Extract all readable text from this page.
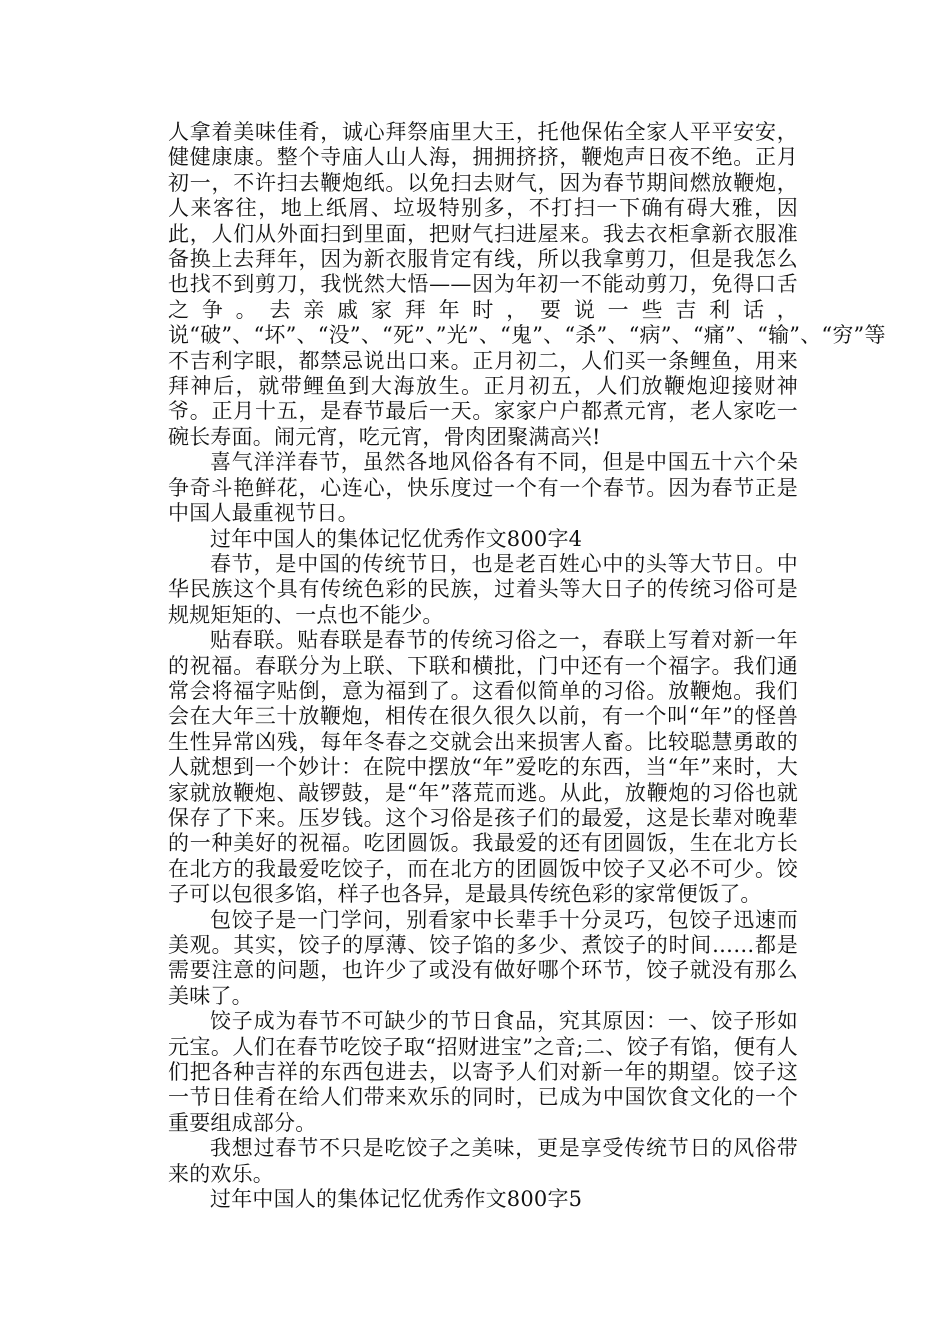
人拿着美味佳肴，诚心拜祭庙里大王，托他保佑全家人平平安安，健健康康。整个寺庙人山人海，拥拥挤挤，鞭炮声日夜不绝。正月初一，不许扫去鞭炮纸。以免扫去财气，因为春节期间燃放鞭炮，人来客往，地上纸屑、垃圾特别多，不打扫一下确有碍大雅，因此，人们从外面扫到里面，把财气扫进屋来。我去衣柜拿新衣服准备换上去拜年，因为新衣服肯定有线，所以我拿剪刀，但是我怎么也找不到剪刀，我恍然大悟——因为年初一不能动剪刀，免得口舌之争。去亲戚家拜年时，要说一些吉利话，说“破”、“坏”、“没”、“死”、”光”、“鬼”、“杀”、“病”、“痛”、“输”、“穷”等不吉利字眼，都禁忌说出口来。正月初二，人们买一条鲤鱼，用来拜神后，就带鲤鱼到大海放生。正月初五，人们放鞭炮迎接财神爷。正月十五，是春节最后一天。家家户户都煮元宵，老人家吃一碗长寿面。闹元宵，吃元宵，骨肉团聚满高兴!

喜气洋洋春节，虽然各地风俗各有不同，但是中国五十六个朵争奇斗艳鲜花，心连心，快乐度过一个有一个春节。因为春节正是中国人最重视节日。

过年中国人的集体记忆优秀作文800字4

春节，是中国的传统节日，也是老百姓心中的头等大节日。中华民族这个具有传统色彩的民族，过着头等大日子的传统习俗可是规规矩矩的、一点也不能少。

贴春联。贴春联是春节的传统习俗之一，春联上写着对新一年的祝福。春联分为上联、下联和横批，门中还有一个福字。我们通常会将福字贴倒，意为福到了。这看似简单的习俗。放鞭炮。我们会在大年三十放鞭炮，相传在很久很久以前，有一个叫“年”的怪兽生性异常凶残，每年冬春之交就会出来损害人畜。比较聪慧勇敢的人就想到一个妙计：在院中摆放“年”爱吃的东西，当“年”来时，大家就放鞭炮、敲锣鼓，是“年”落荒而逃。从此，放鞭炮的习俗也就保存了下来。压岁钱。这个习俗是孩子们的最爱，这是长辈对晚辈的一种美好的祝福。吃团圆饭。我最爱的还有团圆饭，生在北方长在北方的我最爱吃饺子，而在北方的团圆饭中饺子又必不可少。饺子可以包很多馅，样子也各异，是最具传统色彩的家常便饭了。

包饺子是一门学问，别看家中长辈手十分灵巧，包饺子迅速而美观。其实，饺子的厚薄、饺子馅的多少、煮饺子的时间……都是需要注意的问题，也许少了或没有做好哪个环节，饺子就没有那么美味了。

饺子成为春节不可缺少的节日食品，究其原因：一、饺子形如元宝。人们在春节吃饺子取“招财进宝”之音;二、饺子有馅，便有人们把各种吉祥的东西包进去，以寄予人们对新一年的期望。饺子这一节日佳肴在给人们带来欢乐的同时，已成为中国饮食文化的一个重要组成部分。

我想过春节不只是吃饺子之美味，更是享受传统节日的风俗带来的欢乐。

过年中国人的集体记忆优秀作文800字5
